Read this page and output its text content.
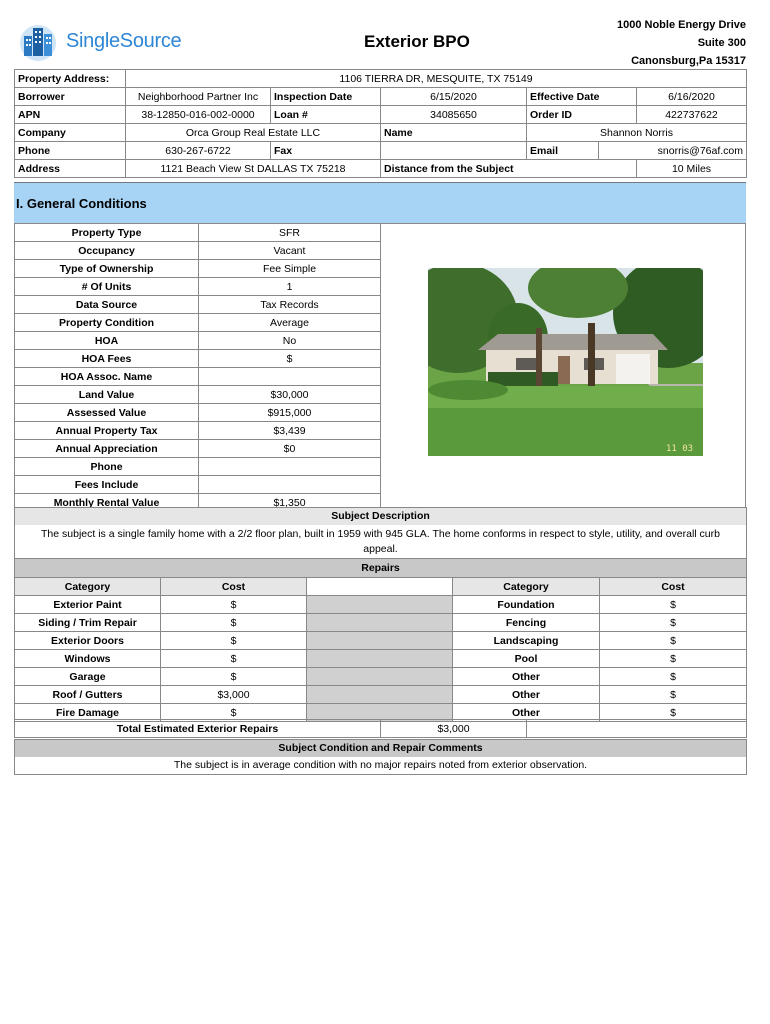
SingleSource	Exterior BPO
1000 Noble Energy Drive
Suite 300
Canonsburg,Pa 15317
Property Address:	1106 TIERRA DR, MESQUITE, TX 75149					
Borrower	Neighborhood Partner Inc	Inspection Date	6/15/2020	Effective Date		6/16/2020
APN	38-12850-016-002-0000	Loan #	34085650	Order ID		422737622
Company	Orca Group Real Estate LLC		Name	Shannon Norris		
Phone	630-267-6722	Fax		Email	snorris@76af.com	
Address	1121 Beach View St DALLAS TX 75218		Distance from the Subject			10 Miles
I. General Conditions
Property Type	SFR
Occupancy	Vacant
Type of Ownership	Fee Simple
# Of Units	1
Data Source	Tax Records
Property Condition	Average
HOA	No
HOA Fees	$
HOA Assoc. Name	
Land Value	$30,000
Assessed Value	$915,000
Annual Property Tax	$3,439
Annual Appreciation	$0
Phone	
Fees Include	
Monthly Rental Value	$1,350
11 03
Subject Description
The subject is a single family home with a 2/2 floor plan, built in 1959 with 945 GLA. The home conforms in respect to style, utility, and overall curb appeal.
Repairs
Category	Cost		Category	Cost
Exterior Paint	$		Foundation	$
Siding / Trim Repair	$		Fencing	$
Exterior Doors	$		Landscaping	$
Windows	$		Pool	$
Garage	$		Other	$
Roof / Gutters	$3,000		Other	$
Fire Damage	$		Other	$
Total Estimated Exterior Repairs	$3,000	
Subject Condition and Repair Comments
The subject is in average condition with no major repairs noted from exterior observation.
